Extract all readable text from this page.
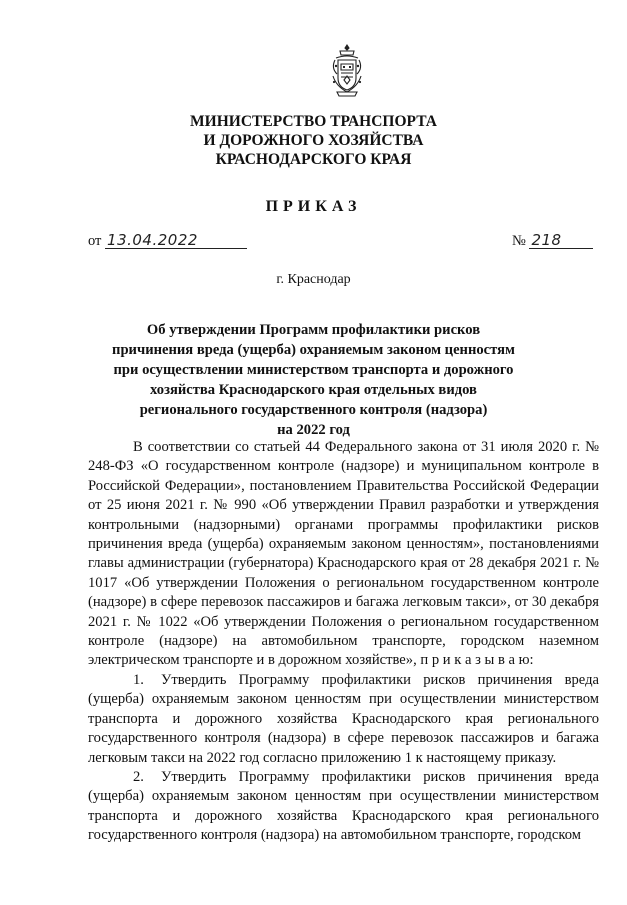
МИНИСТЕРСТВО ТРАНСПОРТА
И ДОРОЖНОГО ХОЗЯЙСТВА
КРАСНОДАРСКОГО КРАЯ
ПРИКАЗ
от 13.04.2022	№ 218
г. Краснодар
Об утверждении Программ профилактики рисков
причинения вреда (ущерба) охраняемым законом ценностям
при осуществлении министерством транспорта и дорожного
хозяйства Краснодарского края отдельных видов
регионального государственного контроля (надзора)
на 2022 год

В соответствии со статьей 44 Федерального закона от 31 июля 2020 г. № 248-ФЗ «О государственном контроле (надзоре) и муниципальном контроле в Российской Федерации», постановлением Правительства Российской Федерации от 25 июня 2021 г. № 990 «Об утверждении Правил разработки и утверждения контрольными (надзорными) органами программы профилактики рисков причинения вреда (ущерба) охраняемым законом ценностям», постановлениями главы администрации (губернатора) Краснодарского края от 28 декабря 2021 г. № 1017 «Об утверждении Положения о региональном государственном контроле (надзоре) в сфере перевозок пассажиров и багажа легковым такси», от 30 декабря 2021 г. № 1022 «Об утверждении Положения о региональном государственном контроле (надзоре) на автомобильном транспорте, городском наземном электрическом транспорте и в дорожном хозяйстве», п р и к а з ы в а ю:

1. Утвердить Программу профилактики рисков причинения вреда (ущерба) охраняемым законом ценностям при осуществлении министерством транспорта и дорожного хозяйства Краснодарского края регионального государственного контроля (надзора) в сфере перевозок пассажиров и багажа легковым такси на 2022 год согласно приложению 1 к настоящему приказу.

2. Утвердить Программу профилактики рисков причинения вреда (ущерба) охраняемым законом ценностям при осуществлении министерством транспорта и дорожного хозяйства Краснодарского края регионального государственного контроля (надзора) на автомобильном транспорте, городском
